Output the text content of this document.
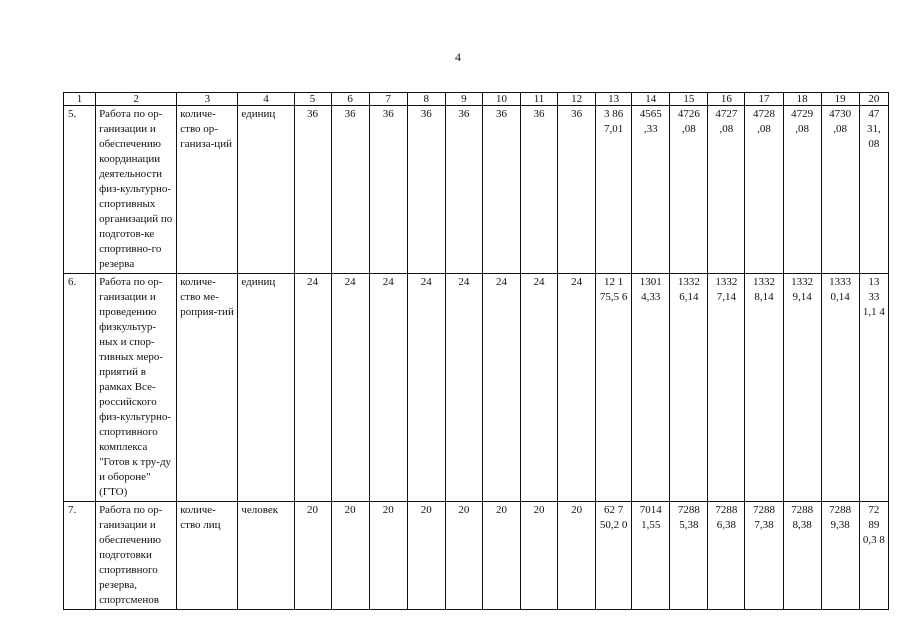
4
1	2	3	4	5	6	7	8	9	10	11	12	13	14	15	16	17	18	19	20
5.	Работа по ор-ганизации и обеспечению координации деятельности физ-культурно-спортивных организаций по подготов-ке спортивно-го резерва	количе-ство ор-ганиза-ций	единиц	36	36	36	36	36	36	36	36	3 86 7,01	4565 ,33	4726 ,08	4727 ,08	4728 ,08	4729 ,08	4730 ,08	47 31, 08
6.	Работа по ор-ганизации и проведению физкультур-ных и спор-тивных меро-приятий в рамках Все-российского физ-культурно-спортивного комплекса "Готов к тру-ду и обороне" (ГТО)	количе-ство ме-роприя-тий	единиц	24	24	24	24	24	24	24	24	12 1 75,5 6	1301 4,33	1332 6,14	1332 7,14	1332 8,14	1332 9,14	1333 0,14	13 33 1,1 4
7.	Работа по ор-ганизации и обеспечению подготовки спортивного резерва, спортсменов	количе-ство лиц	человек	20	20	20	20	20	20	20	20	62 7 50,2 0	7014 1,55	7288 5,38	7288 6,38	7288 7,38	7288 8,38	7288 9,38	72 89 0,3 8
